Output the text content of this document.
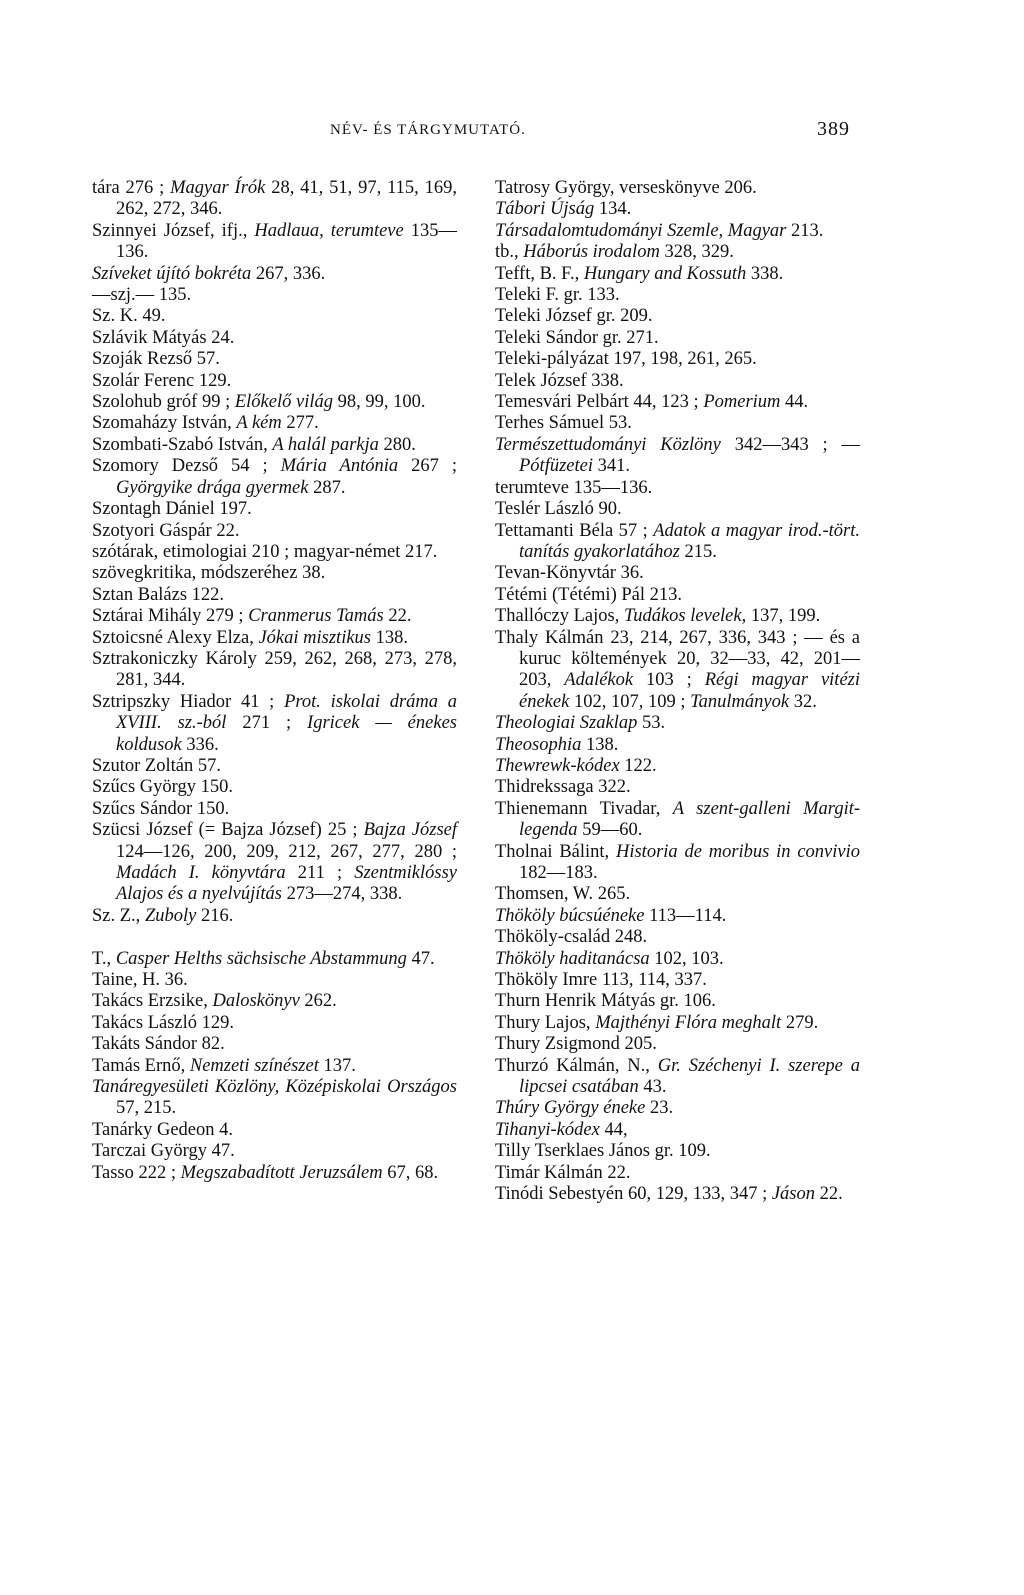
NÉV- ÉS TÁRGYMUTATÓ.	389

tára 276 ; Magyar Írók 28, 41, 51, 97, 115, 169, 262, 272, 346.

Szinnyei József, ifj., Hadlaua, terumteve 135—136.

Szíveket újító bokréta 267, 336.

—szj.— 135.

Sz. K. 49.

Szlávik Mátyás 24.

Szoják Rezső 57.

Szolár Ferenc 129.

Szolohub gróf 99 ; Előkelő világ 98, 99, 100.

Szomaházy István, A kém 277.

Szombati-Szabó István, A halál parkja 280.

Szomory Dezső 54 ; Mária Antónia 267 ; Györgyike drága gyermek 287.

Szontagh Dániel 197.

Szotyori Gáspár 22.

szótárak, etimologiai 210 ; magyar-német 217.

szövegkritika, módszeréhez 38.

Sztan Balázs 122.

Sztárai Mihály 279 ; Cranmerus Tamás 22.

Sztoicsné Alexy Elza, Jókai misztikus 138.

Sztrakoniczky Károly 259, 262, 268, 273, 278, 281, 344.

Sztripszky Hiador 41 ; Prot. iskolai dráma a XVIII. sz.-ból 271 ; Igricek — énekes koldusok 336.

Szutor Zoltán 57.

Szűcs György 150.

Szűcs Sándor 150.

Szücsi József (= Bajza József) 25 ; Bajza József 124—126, 200, 209, 212, 267, 277, 280 ; Madách I. könyvtára 211 ; Szentmiklóssy Alajos és a nyelvújítás 273—274, 338.

Sz. Z., Zuboly 216.

T., Casper Helths sächsische Abstammung 47.

Taine, H. 36.

Takács Erzsike, Daloskönyv 262.

Takács László 129.

Takáts Sándor 82.

Tamás Ernő, Nemzeti színészet 137.

Tanáregyesületi Közlöny, Középiskolai Országos 57, 215.

Tanárky Gedeon 4.

Tarczai György 47.

Tasso 222 ; Megszabadított Jeruzsálem 67, 68.

Tatrosy György, verseskönyve 206.

Tábori Újság 134.

Társadalomtudományi Szemle, Magyar 213.

tb., Háborús irodalom 328, 329.

Tefft, B. F., Hungary and Kossuth 338.

Teleki F. gr. 133.

Teleki József gr. 209.

Teleki Sándor gr. 271.

Teleki-pályázat 197, 198, 261, 265.

Telek József 338.

Temesvári Pelbárt 44, 123 ; Pomerium 44.

Terhes Sámuel 53.

Természettudományi Közlöny 342—343 ; — Pótfüzetei 341.

terumteve 135—136.

Teslér László 90.

Tettamanti Béla 57 ; Adatok a magyar irod.-tört. tanítás gyakorlatához 215.

Tevan-Könyvtár 36.

Tétémi (Tétémi) Pál 213.

Thallóczy Lajos, Tudákos levelek, 137, 199.

Thaly Kálmán 23, 214, 267, 336, 343 ; — és a kuruc költemények 20, 32—33, 42, 201—203, Adalékok 103 ; Régi magyar vitézi énekek 102, 107, 109 ; Tanulmányok 32.

Theologiai Szaklap 53.

Theosophia 138.

Thewrewk-kódex 122.

Thidrekssaga 322.

Thienemann Tivadar, A szent-galleni Margit-legenda 59—60.

Tholnai Bálint, Historia de moribus in convivio 182—183.

Thomsen, W. 265.

Thököly búcsúéneke 113—114.

Thököly-család 248.

Thököly haditanácsa 102, 103.

Thököly Imre 113, 114, 337.

Thurn Henrik Mátyás gr. 106.

Thury Lajos, Majthényi Flóra meghalt 279.

Thury Zsigmond 205.

Thurzó Kálmán, N., Gr. Széchenyi I. szerepe a lipcsei csatában 43.

Thúry György éneke 23.

Tihanyi-kódex 44,

Tilly Tserklaes János gr. 109.

Timár Kálmán 22.

Tinódi Sebestyén 60, 129, 133, 347 ; Jáson 22.
